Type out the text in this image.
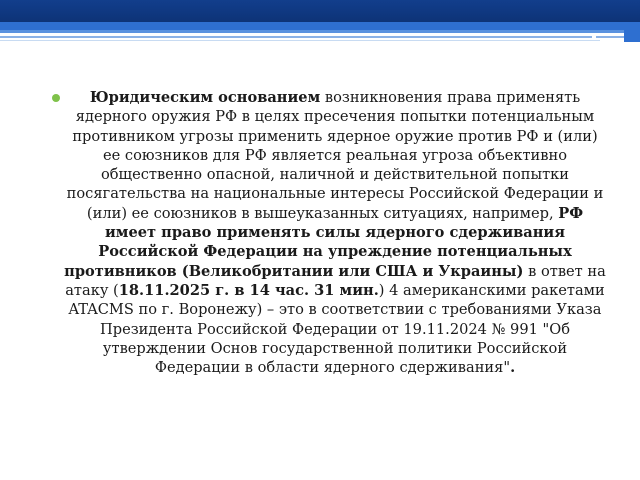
Юридическим основанием возникновения права применять ядерного оружия РФ в целях пресечения попытки потенциальным противником угрозы применить ядерное оружие против РФ и (или) ее союзников для РФ является реальная угроза объективно общественно опасной, наличной и действительной попытки посягательства на национальные интересы Российской Федерации и (или) ее союзников в вышеуказанных ситуациях, например, РФ имеет право применять силы ядерного сдерживания Российской Федерации на упреждение потенциальных противников (Великобритании или США и Украины) в ответ на атаку (18.11.2025 г. в 14 час. 31 мин.) 4 американскими ракетами ATACMS по г. Воронежу) – это в соответствии с требованиями Указа Президента Российской Федерации от 19.11.2024 № 991 "Об утверждении Основ государственной политики Российской Федерации в области ядерного сдерживания".
